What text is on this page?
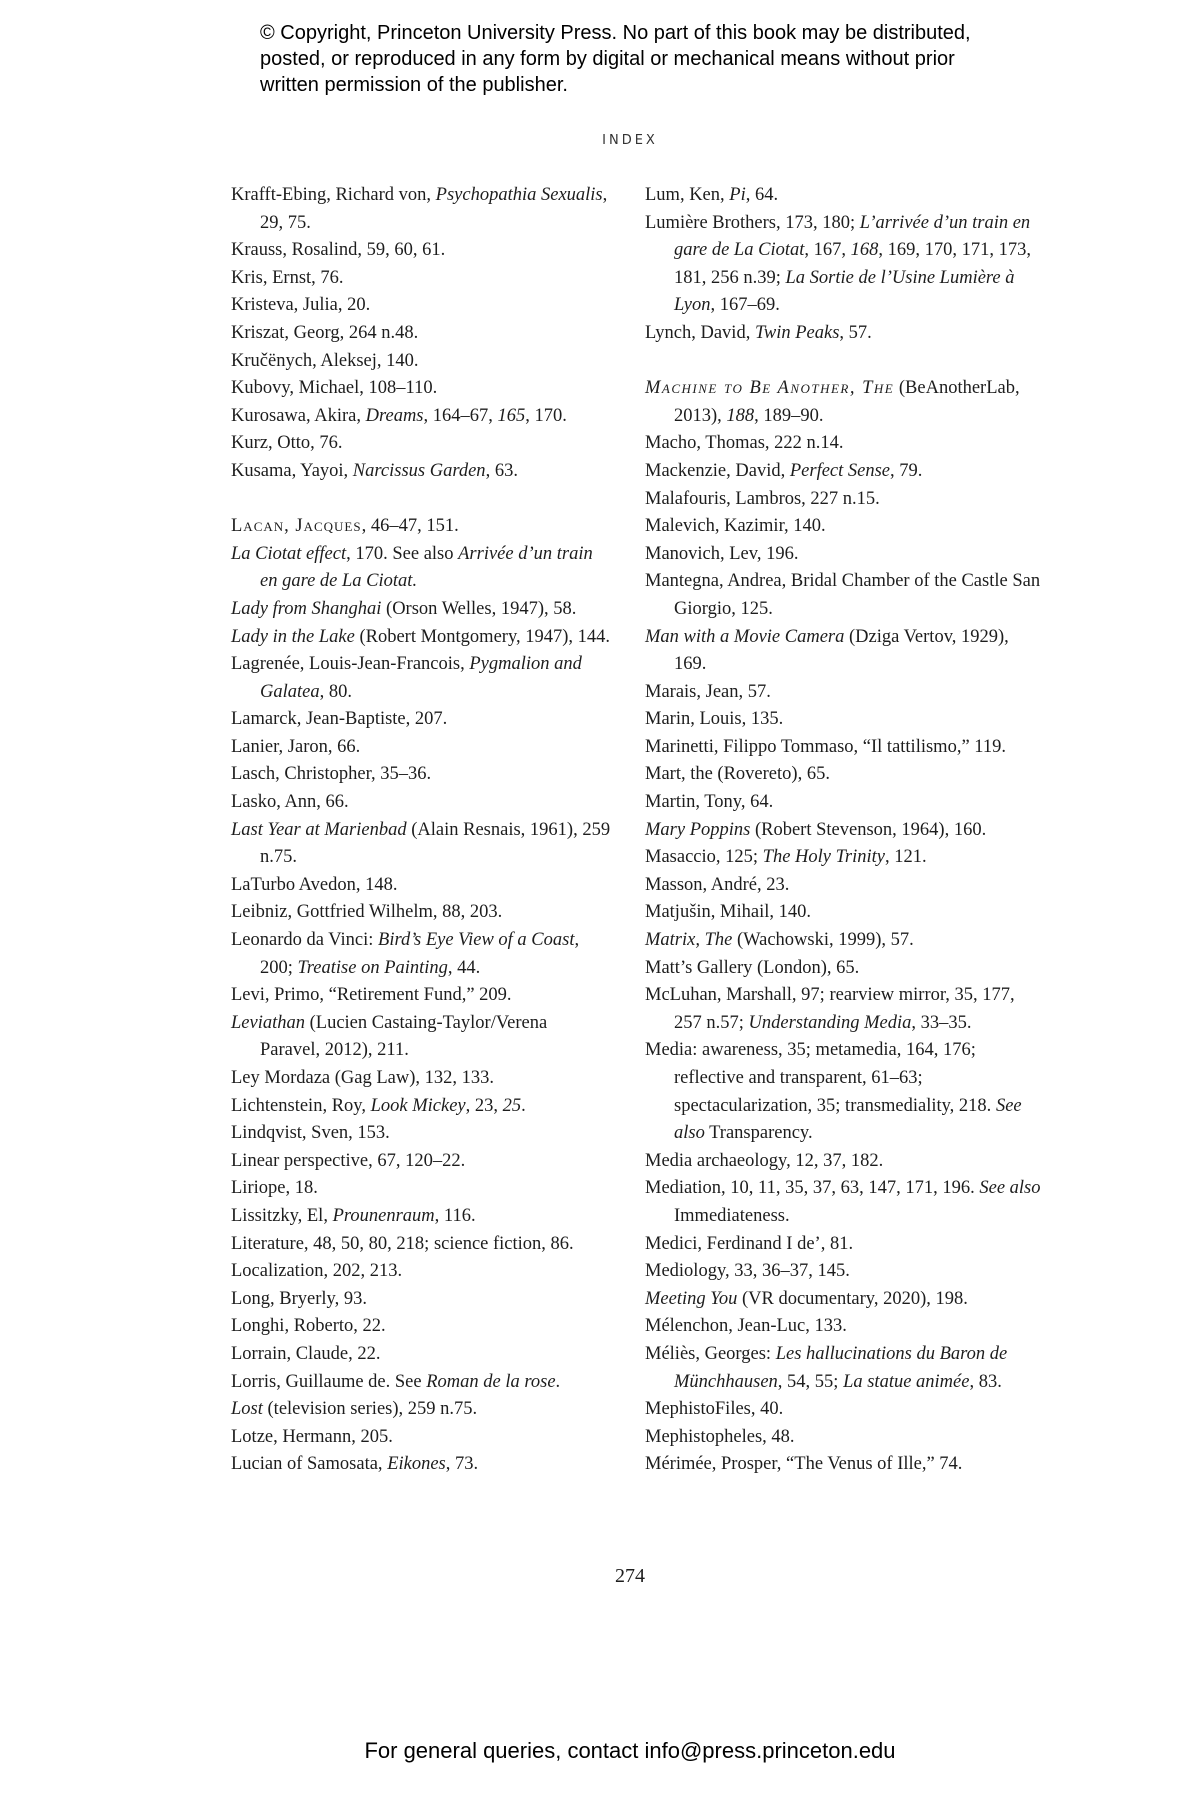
© Copyright, Princeton University Press. No part of this book may be distributed, posted, or reproduced in any form by digital or mechanical means without prior written permission of the publisher.
INDEX

Krafft-Ebing, Richard von, Psychopathia Sexualis, 29, 75.

Krauss, Rosalind, 59, 60, 61.

Kris, Ernst, 76.

Kristeva, Julia, 20.

Kriszat, Georg, 264 n.48.

Kručënych, Aleksej, 140.

Kubovy, Michael, 108–110.

Kurosawa, Akira, Dreams, 164–67, 165, 170.

Kurz, Otto, 76.

Kusama, Yayoi, Narcissus Garden, 63.

Lacan, Jacques, 46–47, 151.

La Ciotat effect, 170. See also Arrivée d’un train en gare de La Ciotat.

Lady from Shanghai (Orson Welles, 1947), 58.

Lady in the Lake (Robert Montgomery, 1947), 144.

Lagrenée, Louis-Jean-Francois, Pygmalion and Galatea, 80.

Lamarck, Jean-Baptiste, 207.

Lanier, Jaron, 66.

Lasch, Christopher, 35–36.

Lasko, Ann, 66.

Last Year at Marienbad (Alain Resnais, 1961), 259 n.75.

LaTurbo Avedon, 148.

Leibniz, Gottfried Wilhelm, 88, 203.

Leonardo da Vinci: Bird’s Eye View of a Coast, 200; Treatise on Painting, 44.

Levi, Primo, “Retirement Fund,” 209.

Leviathan (Lucien Castaing-Taylor/Verena Paravel, 2012), 211.

Ley Mordaza (Gag Law), 132, 133.

Lichtenstein, Roy, Look Mickey, 23, 25.

Lindqvist, Sven, 153.

Linear perspective, 67, 120–22.

Liriope, 18.

Lissitzky, El, Prounenraum, 116.

Literature, 48, 50, 80, 218; science fiction, 86.

Localization, 202, 213.

Long, Bryerly, 93.

Longhi, Roberto, 22.

Lorrain, Claude, 22.

Lorris, Guillaume de. See Roman de la rose.

Lost (television series), 259 n.75.

Lotze, Hermann, 205.

Lucian of Samosata, Eikones, 73.

Lum, Ken, Pi, 64.

Lumière Brothers, 173, 180; L’arrivée d’un train en gare de La Ciotat, 167, 168, 169, 170, 171, 173, 181, 256 n.39; La Sortie de l’Usine Lumière à Lyon, 167–69.

Lynch, David, Twin Peaks, 57.

Machine to Be Another, The (BeAnotherLab, 2013), 188, 189–90.

Macho, Thomas, 222 n.14.

Mackenzie, David, Perfect Sense, 79.

Malafouris, Lambros, 227 n.15.

Malevich, Kazimir, 140.

Manovich, Lev, 196.

Mantegna, Andrea, Bridal Chamber of the Castle San Giorgio, 125.

Man with a Movie Camera (Dziga Vertov, 1929), 169.

Marais, Jean, 57.

Marin, Louis, 135.

Marinetti, Filippo Tommaso, “Il tattilismo,” 119.

Mart, the (Rovereto), 65.

Martin, Tony, 64.

Mary Poppins (Robert Stevenson, 1964), 160.

Masaccio, 125; The Holy Trinity, 121.

Masson, André, 23.

Matjušin, Mihail, 140.

Matrix, The (Wachowski, 1999), 57.

Matt’s Gallery (London), 65.

McLuhan, Marshall, 97; rearview mirror, 35, 177, 257 n.57; Understanding Media, 33–35.

Media: awareness, 35; metamedia, 164, 176; reflective and transparent, 61–63; spectacularization, 35; transmediality, 218. See also Transparency.

Media archaeology, 12, 37, 182.

Mediation, 10, 11, 35, 37, 63, 147, 171, 196. See also Immediateness.

Medici, Ferdinand I de’, 81.

Mediology, 33, 36–37, 145.

Meeting You (VR documentary, 2020), 198.

Mélenchon, Jean-Luc, 133.

Méliès, Georges: Les hallucinations du Baron de Münchhausen, 54, 55; La statue animée, 83.

MephistoFiles, 40.

Mephistopheles, 48.

Mérimée, Prosper, “The Venus of Ille,” 74.

274
For general queries, contact info@press.princeton.edu
